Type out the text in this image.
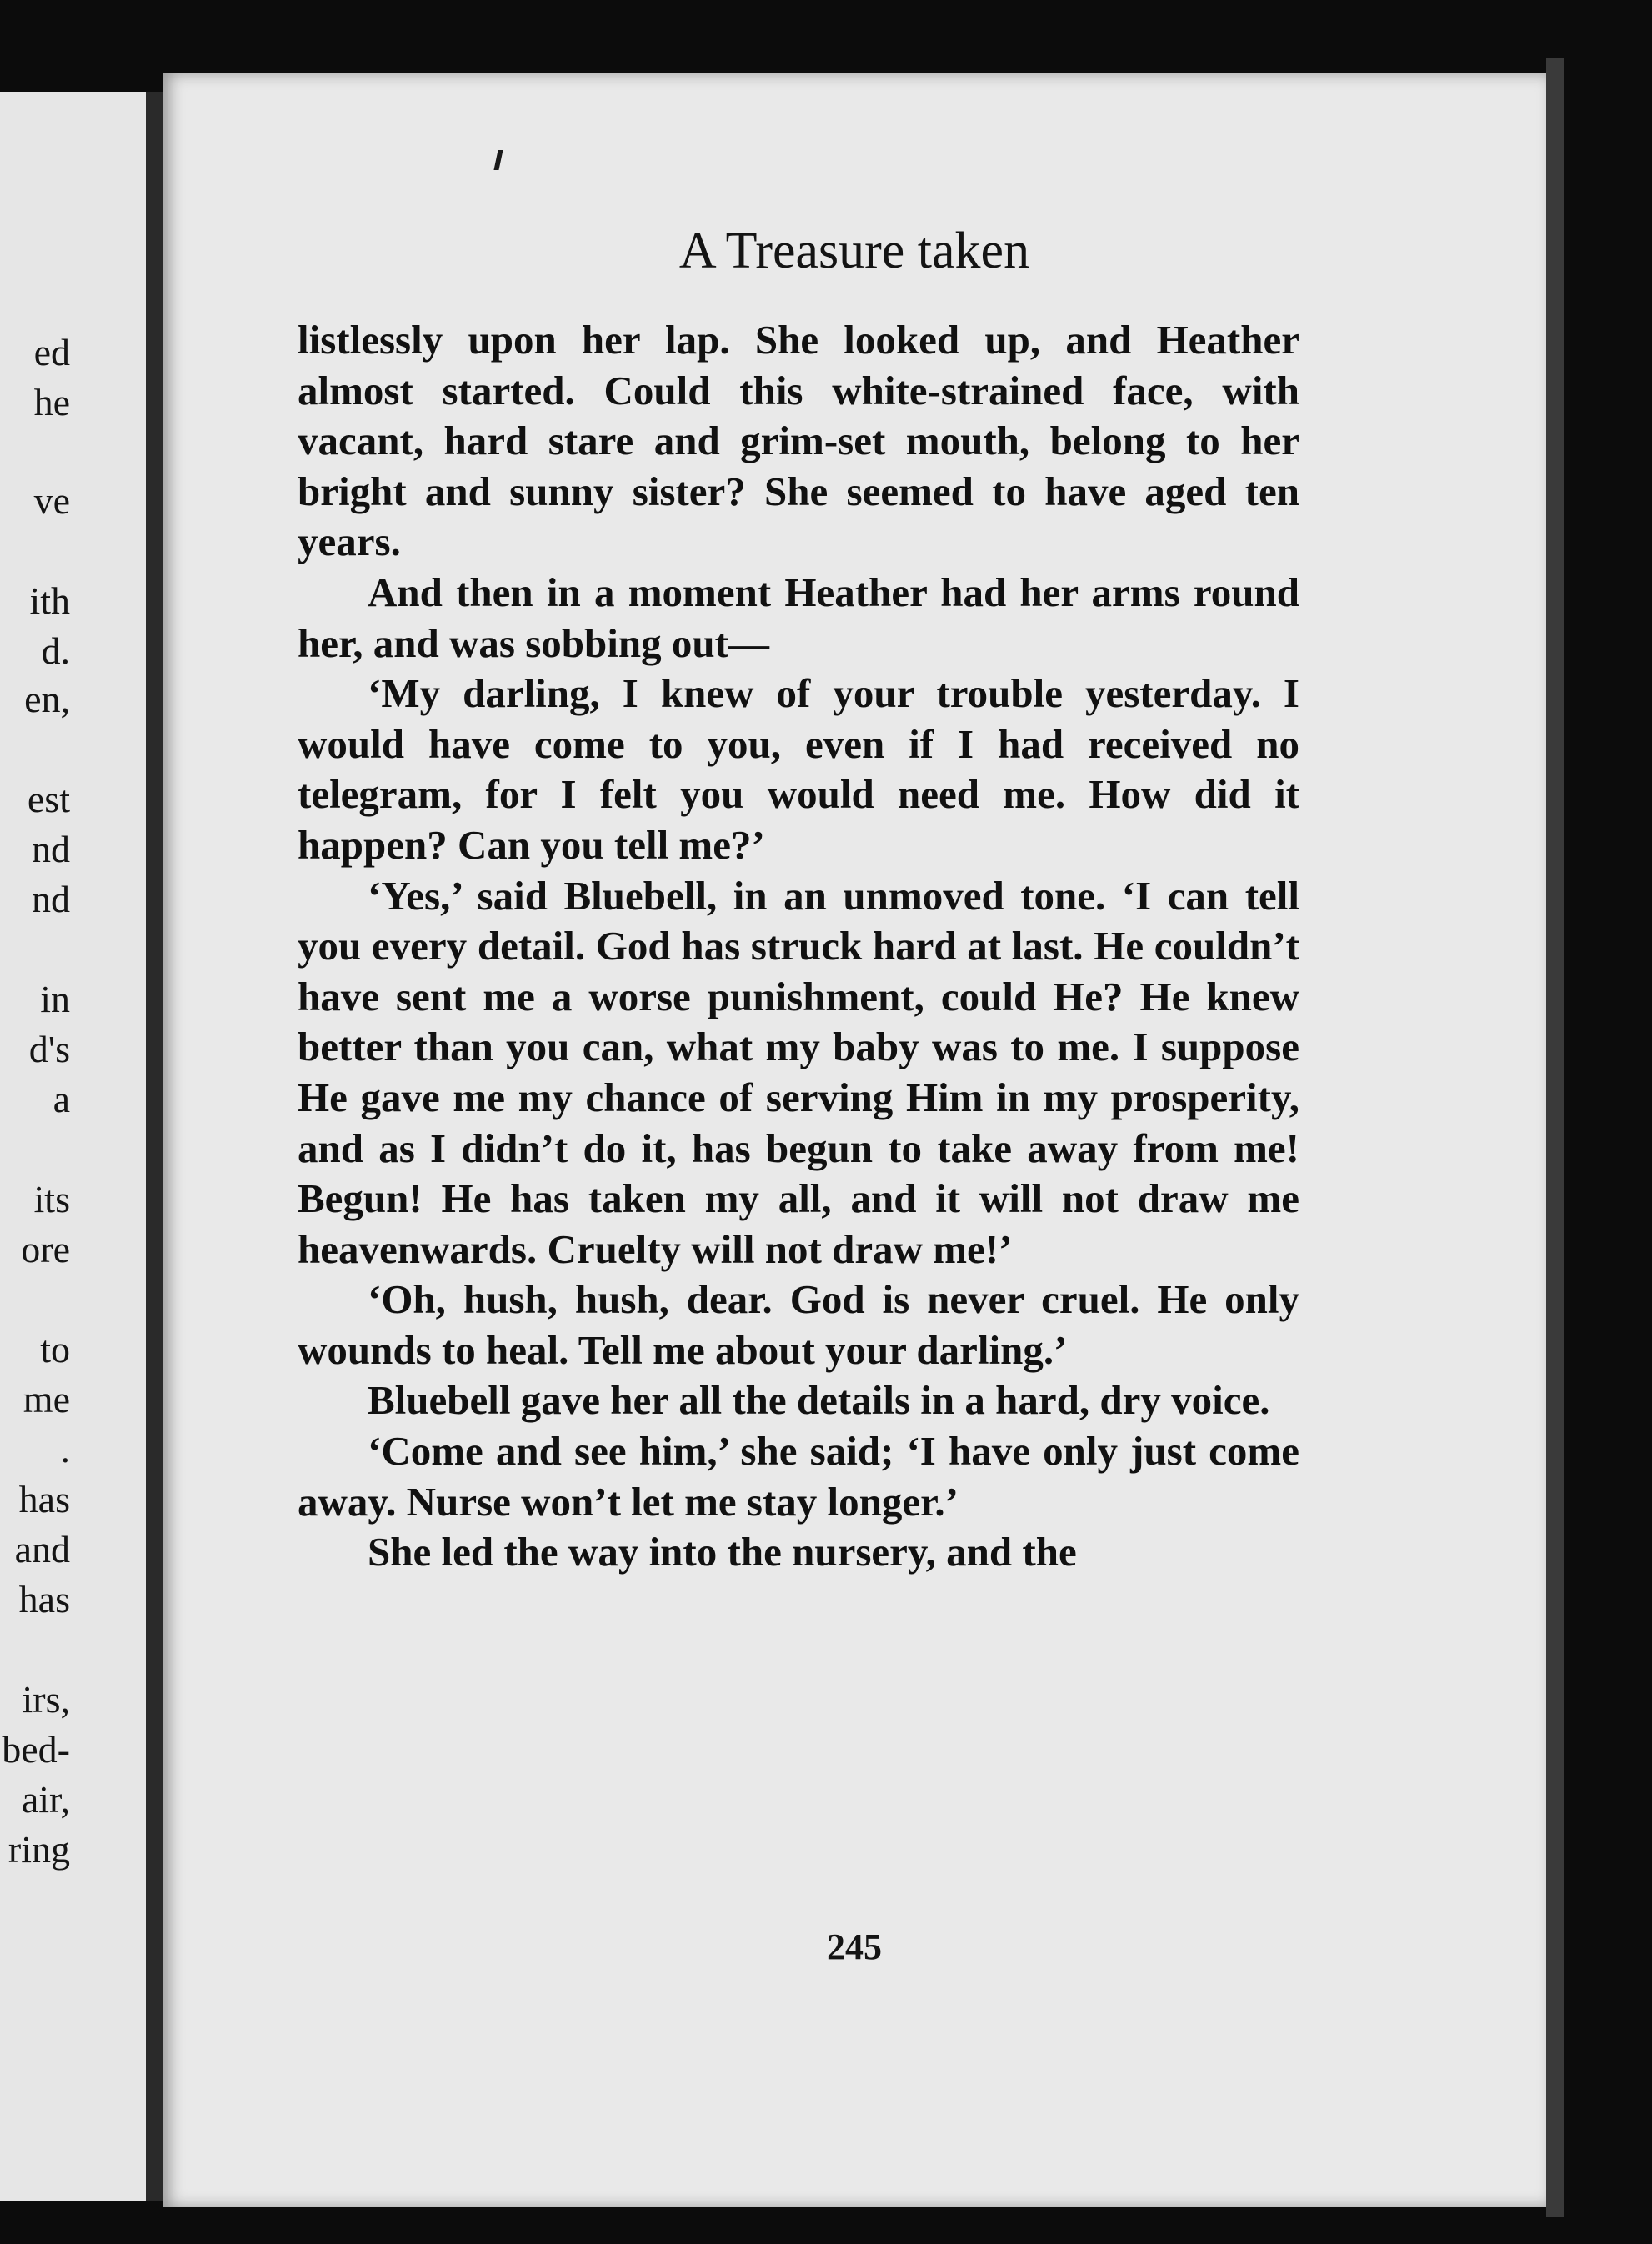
ed
he
ve
ith
d.
en,
est
nd
nd
in
d's
a
its
ore
to
me
.
has
and
has
irs,
bed-
air,
ring
A Treasure taken

listlessly upon her lap. She looked up, and Heather almost started. Could this white-strained face, with vacant, hard stare and grim-set mouth, belong to her bright and sunny sister? She seemed to have aged ten years.

And then in a moment Heather had her arms round her, and was sobbing out—

‘My darling, I knew of your trouble yesterday. I would have come to you, even if I had received no telegram, for I felt you would need me. How did it happen? Can you tell me?’

‘Yes,’ said Bluebell, in an unmoved tone. ‘I can tell you every detail. God has struck hard at last. He couldn’t have sent me a worse punishment, could He? He knew better than you can, what my baby was to me. I suppose He gave me my chance of serving Him in my prosperity, and as I didn’t do it, has begun to take away from me! Begun! He has taken my all, and it will not draw me heavenwards. Cruelty will not draw me!’

‘Oh, hush, hush, dear. God is never cruel. He only wounds to heal. Tell me about your darling.’

Bluebell gave her all the details in a hard, dry voice.

‘Come and see him,’ she said; ‘I have only just come away. Nurse won’t let me stay longer.’

She led the way into the nursery, and the

245
